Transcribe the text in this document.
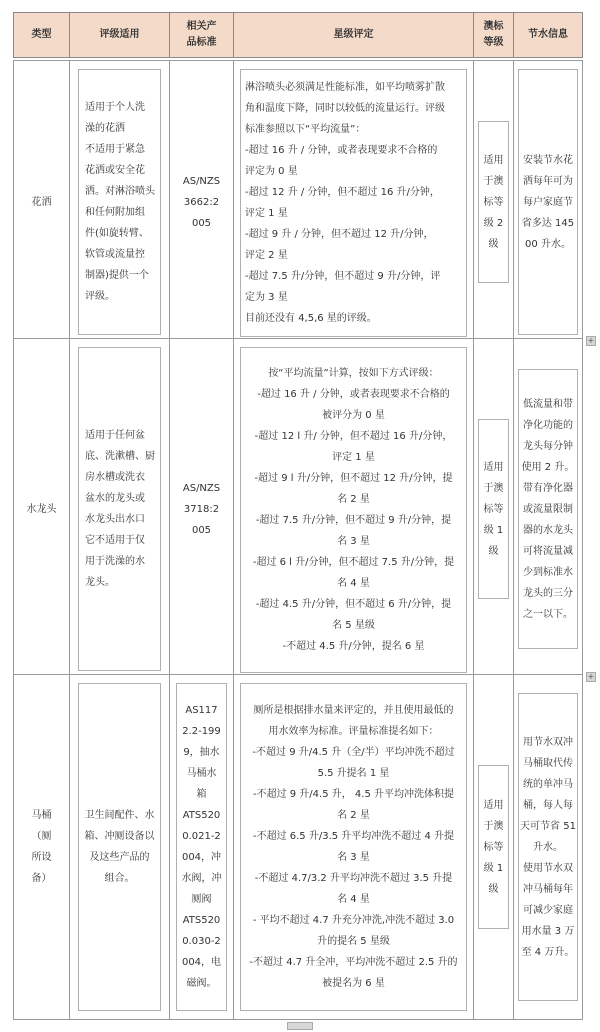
类型	评级适用
相关产
品标准
星级评定
澳标
等级
节水信息
花洒
适用于个人洗
澡的花洒
不适用于紧急
花洒或安全花
洒。对淋浴喷头
和任何附加组
件(如旋转臂、
软管或流量控
制器)提供一个
评级。
AS/NZS
3662:2
005
淋浴喷头必须满足性能标准，如平均喷雾扩散
角和温度下降，同时以较低的流量运行。评级
标准参照以下“平均流量”：
-超过 16 升 / 分钟，或者表现要求不合格的
评定为 0 星
-超过 12 升 / 分钟，但不超过 16 升/分钟，
评定 1 星
-超过 9 升 / 分钟，但不超过 12 升/分钟，
评定 2 星
-超过 7.5 升/分钟，但不超过 9 升/分钟，评
定为 3 星
目前还没有 4,5,6 星的评级。
适用
于澳
标等
级 2
级
安装节水花
洒每年可为
每户家庭节
省多达 145
00 升水。
水龙头
适用于任何盆
底、洗漱槽、厨
房水槽或洗衣
盆水的龙头或
水龙头出水口
它不适用于仅
用于洗澡的水
龙头。
AS/NZS
3718:2
005
按“平均流量”计算，按如下方式评级：
-超过 16 升 / 分钟，或者表现要求不合格的
被评分为 0 星
-超过 12 l 升/ 分钟，但不超过 16 升/分钟，
评定 1 星
-超过 9 l 升/分钟，但不超过 12 升/分钟，提
名 2 星
-超过 7.5 升/分钟，但不超过 9 升/分钟，提
名 3 星
-超过 6 l 升/分钟，但不超过 7.5 升/分钟，提
名 4 星
-超过 4.5 升/分钟，但不超过 6 升/分钟，提
名 5 星级
-不超过 4.5 升/分钟，提名 6 星
适用
于澳
标等
级 1
级
低流量和带
净化功能的
龙头每分钟
使用 2 升。
带有净化器
或流量限制
器的水龙头
可将流量减
少到标准水
龙头的三分
之一以下。
马桶
（厕
所设
备）
卫生间配件、水
箱、冲厕设备以
及这些产品的
组合。
AS117
2.2-199
9，抽水
马桶水
箱
ATS520
0.021-2
004，冲
水阀，冲
厕阀
ATS520
0.030-2
004，电
磁阀。
厕所是根据排水量来评定的，并且使用最低的
用水效率为标准。评量标准提名如下：
-不超过 9 升/4.5 升（全/半）平均冲洗不超过
5.5 升提名 1 星
-不超过 9 升/4.5 升， 4.5 升平均冲洗体积提
名 2 星
-不超过 6.5 升/3.5 升平均冲洗不超过 4 升提
名 3 星
-不超过 4.7/3.2 升平均冲洗不超过 3.5 升提
名 4 星
- 平均不超过 4.7 升充分冲洗,冲洗不超过 3.0
升的提名 5 星级
-不超过 4.7 升全冲，平均冲洗不超过 2.5 升的
被提名为 6 星
适用
于澳
标等
级 1
级
用节水双冲
马桶取代传
统的单冲马
桶，每人每
天可节省 51
升水。
使用节水双
冲马桶每年
可减少家庭
用水量 3 万
至 4 万升。
+
+
